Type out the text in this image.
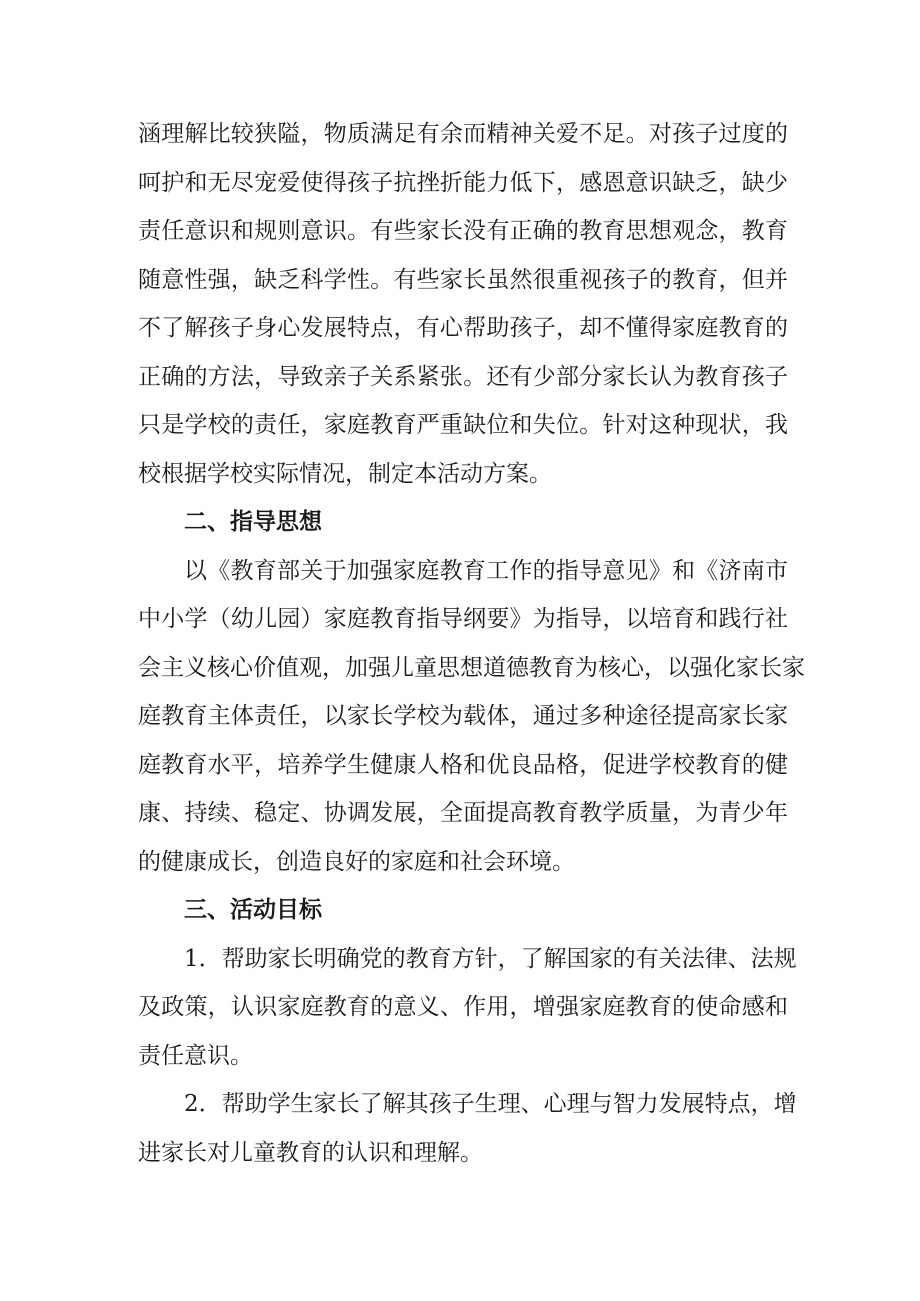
涵理解比较狭隘，物质满足有余而精神关爱不足。对孩子过度的
呵护和无尽宠爱使得孩子抗挫折能力低下，感恩意识缺乏，缺少
责任意识和规则意识。有些家长没有正确的教育思想观念，教育
随意性强，缺乏科学性。有些家长虽然很重视孩子的教育，但并
不了解孩子身心发展特点，有心帮助孩子，却不懂得家庭教育的
正确的方法，导致亲子关系紧张。还有少部分家长认为教育孩子
只是学校的责任，家庭教育严重缺位和失位。针对这种现状，我
校根据学校实际情况，制定本活动方案。
二、指导思想
以《教育部关于加强家庭教育工作的指导意见》和《济南市
中小学（幼儿园）家庭教育指导纲要》为指导，以培育和践行社
会主义核心价值观，加强儿童思想道德教育为核心，以强化家长家
庭教育主体责任，以家长学校为载体，通过多种途径提高家长家
庭教育水平，培养学生健康人格和优良品格，促进学校教育的健
康、持续、稳定、协调发展，全面提高教育教学质量，为青少年
的健康成长，创造良好的家庭和社会环境。
三、活动目标
1．帮助家长明确党的教育方针，了解国家的有关法律、法规
及政策，认识家庭教育的意义、作用，增强家庭教育的使命感和
责任意识。
2．帮助学生家长了解其孩子生理、心理与智力发展特点，增
进家长对儿童教育的认识和理解。
